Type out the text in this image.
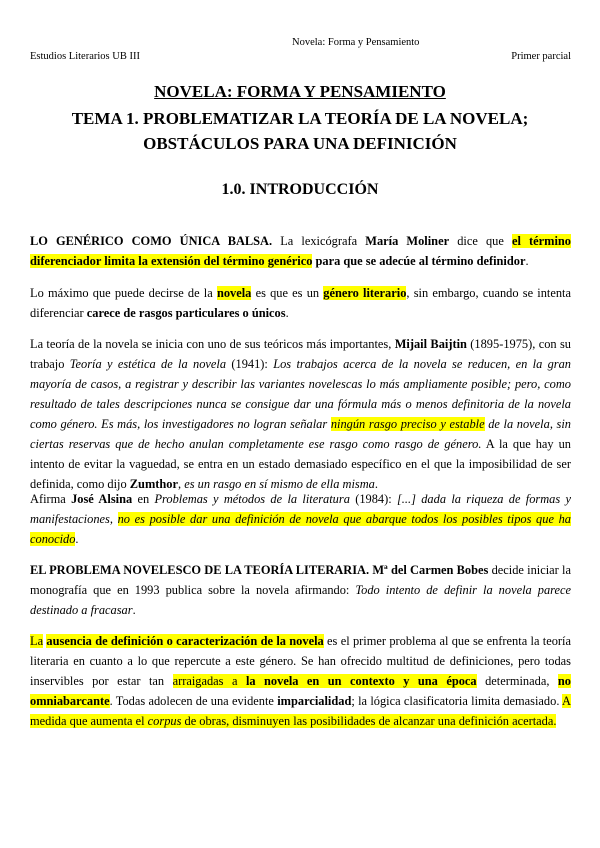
Novela: Forma y Pensamiento
Estudios Literarios UB III	Primer parcial
NOVELA: FORMA Y PENSAMIENTO
TEMA 1. PROBLEMATIZAR LA TEORÍA DE LA NOVELA;
OBSTÁCULOS PARA UNA DEFINICIÓN
1.0. INTRODUCCIÓN

LO GENÉRICO COMO ÚNICA BALSA. La lexicógrafa María Moliner dice que el término diferenciador limita la extensión del término genérico para que se adecúe al término definidor.

Lo máximo que puede decirse de la novela es que es un género literario, sin embargo, cuando se intenta diferenciar carece de rasgos particulares o únicos.

La teoría de la novela se inicia con uno de sus teóricos más importantes, Mijail Baijtin (1895-1975), con su trabajo Teoría y estética de la novela (1941): Los trabajos acerca de la novela se reducen, en la gran mayoría de casos, a registrar y describir las variantes novelescas lo más ampliamente posible; pero, como resultado de tales descripciones nunca se consigue dar una fórmula más o menos definitoria de la novela como género. Es más, los investigadores no logran señalar ningún rasgo preciso y estable de la novela, sin ciertas reservas que de hecho anulan completamente ese rasgo como rasgo de género. A la que hay un intento de evitar la vaguedad, se entra en un estado demasiado específico en el que la imposibilidad de ser definida, como dijo Zumthor, es un rasgo en sí mismo de ella misma.

Afirma José Alsina en Problemas y métodos de la literatura (1984): [...] dada la riqueza de formas y manifestaciones, no es posible dar una definición de novela que abarque todos los posibles tipos que ha conocido.

EL PROBLEMA NOVELESCO DE LA TEORÍA LITERARIA. Mª del Carmen Bobes decide iniciar la monografía que en 1993 publica sobre la novela afirmando: Todo intento de definir la novela parece destinado a fracasar.

La ausencia de definición o caracterización de la novela es el primer problema al que se enfrenta la teoría literaria en cuanto a lo que repercute a este género. Se han ofrecido multitud de definiciones, pero todas inservibles por estar tan arraigadas a la novela en un contexto y una época determinada, no omniabarcante. Todas adolecen de una evidente imparcialidad; la lógica clasificatoria limita demasiado. A medida que aumenta el corpus de obras, disminuyen las posibilidades de alcanzar una definición acertada.
